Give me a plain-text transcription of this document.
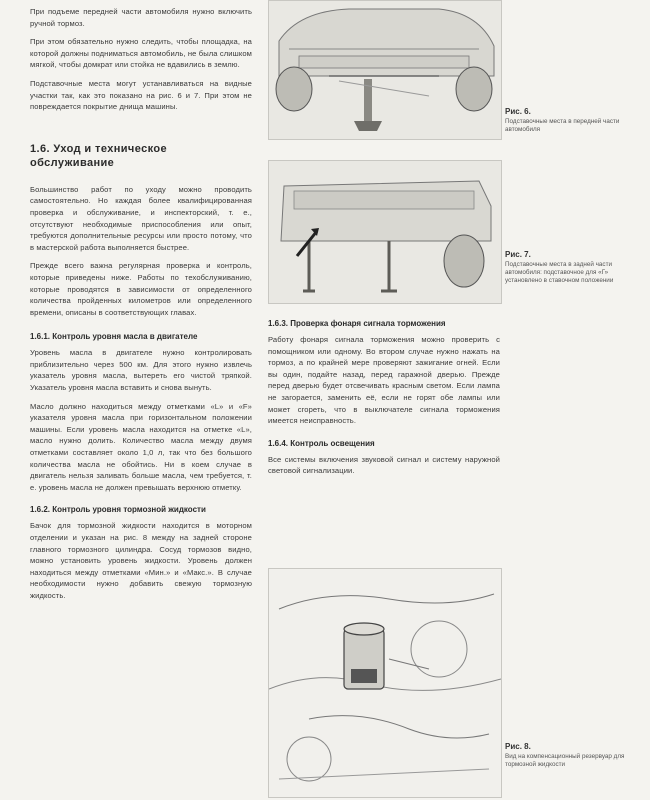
При подъеме передней части автомобиля нужно включить ручной тормоз.

При этом обязательно нужно следить, чтобы площадка, на которой должны подниматься автомобиль, не была слишком мягкой, чтобы домкрат или стойка не вдавились в землю.

Подставочные места могут устанавливаться на видные участки так, как это показано на рис. 6 и 7. При этом не повреждается покрытие днища машины.

1.6. Уход и техническое обслуживание

Большинство работ по уходу можно проводить самостоятельно. Но каждая более квалифицированная проверка и обслуживание, и инспекторский, т. е., отсутствуют необходимые приспособления или опыт, требуются дополнительные ресурсы или просто потому, что в мастерской работа выполняется быстрее.

Прежде всего важна регулярная проверка и контроль, которые приведены ниже. Работы по техобслуживанию, которые проводятся в зависимости от определенного количества пройденных километров или определенного времени, описаны в соответствующих главах.

1.6.1. Контроль уровня масла в двигателе

Уровень масла в двигателе нужно контролировать приблизительно через 500 км. Для этого нужно извлечь указатель уровня масла, вытереть его чистой тряпкой. Указатель уровня масла вставить и снова вынуть.

Масло должно находиться между отметками «L» и «F» указателя уровня масла при горизонтальном положении машины. Если уровень масла находится на отметке «L», масло нужно долить. Количество масла между двумя отметками составляет около 1,0 л, так что без большого количества масла не обойтись. Ни в коем случае в двигатель нельзя заливать больше масла, чем требуется, т. е. уровень масла не должен превышать верхнюю отметку.

1.6.2. Контроль уровня тормозной жидкости

Бачок для тормозной жидкости находится в моторном отделении и указан на рис. 8 между на задней стороне главного тормозного цилиндра. Сосуд тормозов видно, можно установить уровень жидкости. Уровень должен находиться между отметками «Мин.» и «Макс.». В случае необходимости нужно добавить свежую тормозную жидкость.

1.6.3. Проверка фонаря сигнала торможения

Работу фонаря сигнала торможения можно проверить с помощником или одному. Во втором случае нужно нажать на тормоз, а по крайней мере проверяют зажигание огней. Если вы один, подайте назад, перед гаражной дверью. Прежде перед дверью будет отсвечивать красным светом. Если лампа не загорается, заменить её, если не горят обе лампы или может сгореть, что в выключателе сигнала торможения имеется неисправность.

1.6.4. Контроль освещения

Все системы включения звуковой сигнал и систему наружной световой сигнализации.

Рис. 6.

Подставочные места в передней части автомобиля

Рис. 7.

Подставочные места в задней части автомобиля: подставочное для «Г» установлено в ставочном положении

Рис. 8.

Вид на компенсационный резервуар для тормозной жидкости
